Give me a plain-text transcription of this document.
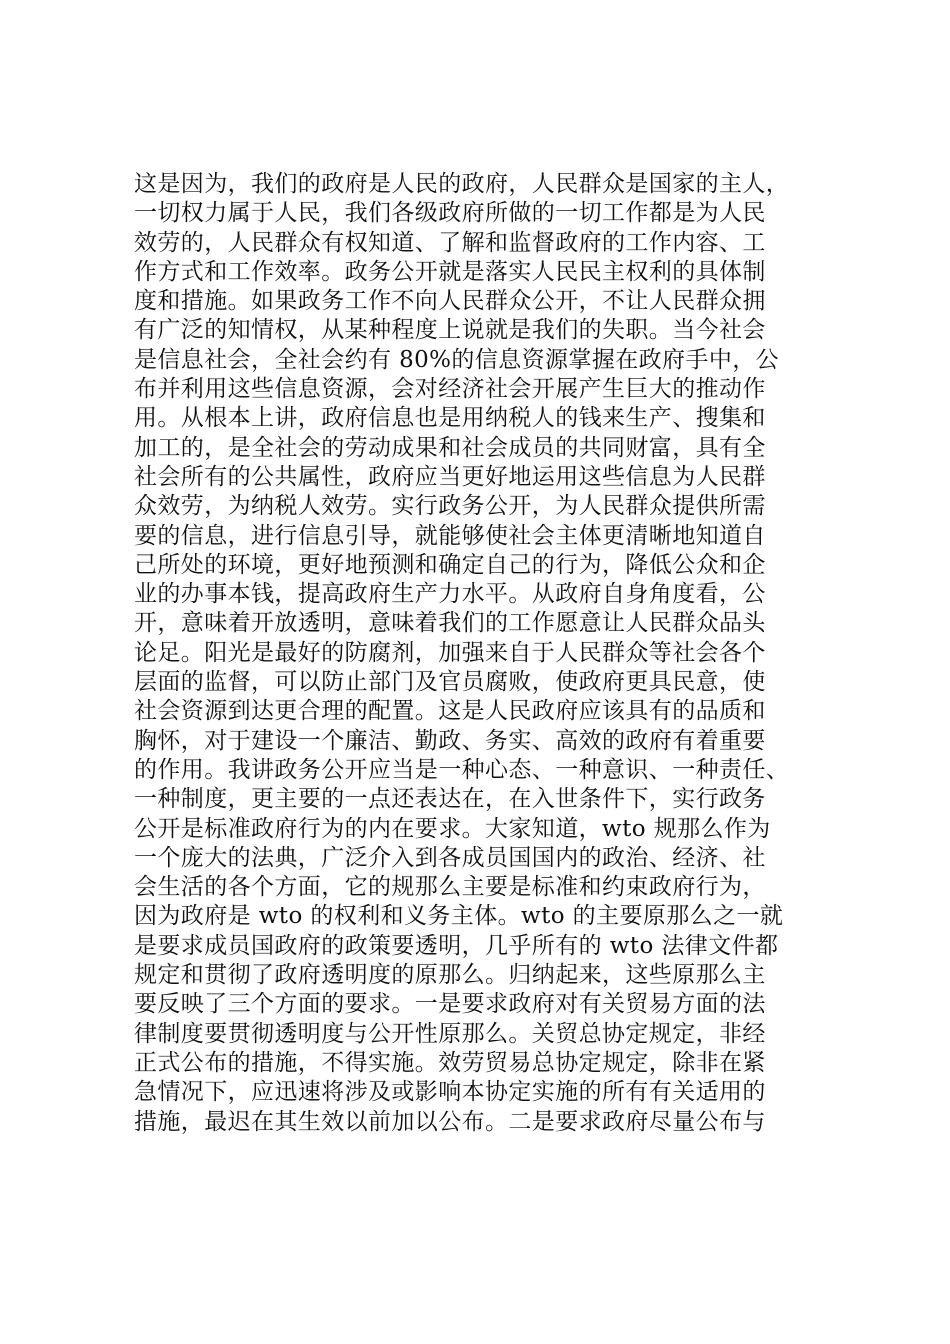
这是因为，我们的政府是人民的政府，人民群众是国家的主人，
一切权力属于人民，我们各级政府所做的一切工作都是为人民
效劳的，人民群众有权知道、了解和监督政府的工作内容、工
作方式和工作效率。政务公开就是落实人民民主权利的具体制
度和措施。如果政务工作不向人民群众公开，不让人民群众拥
有广泛的知情权，从某种程度上说就是我们的失职。当今社会
是信息社会，全社会约有 80%的信息资源掌握在政府手中，公
布并利用这些信息资源，会对经济社会开展产生巨大的推动作
用。从根本上讲，政府信息也是用纳税人的钱来生产、搜集和
加工的，是全社会的劳动成果和社会成员的共同财富，具有全
社会所有的公共属性，政府应当更好地运用这些信息为人民群
众效劳，为纳税人效劳。实行政务公开，为人民群众提供所需
要的信息，进行信息引导，就能够使社会主体更清晰地知道自
己所处的环境，更好地预测和确定自己的行为，降低公众和企
业的办事本钱，提高政府生产力水平。从政府自身角度看，公
开，意味着开放透明，意味着我们的工作愿意让人民群众品头
论足。阳光是最好的防腐剂，加强来自于人民群众等社会各个
层面的监督，可以防止部门及官员腐败，使政府更具民意，使
社会资源到达更合理的配置。这是人民政府应该具有的品质和
胸怀，对于建设一个廉洁、勤政、务实、高效的政府有着重要
的作用。我讲政务公开应当是一种心态、一种意识、一种责任、
一种制度，更主要的一点还表达在，在入世条件下，实行政务
公开是标准政府行为的内在要求。大家知道，wto 规那么作为
一个庞大的法典，广泛介入到各成员国国内的政治、经济、社
会生活的各个方面，它的规那么主要是标准和约束政府行为，
因为政府是 wto 的权利和义务主体。wto 的主要原那么之一就
是要求成员国政府的政策要透明，几乎所有的 wto 法律文件都
规定和贯彻了政府透明度的原那么。归纳起来，这些原那么主
要反映了三个方面的要求。一是要求政府对有关贸易方面的法
律制度要贯彻透明度与公开性原那么。关贸总协定规定，非经
正式公布的措施，不得实施。效劳贸易总协定规定，除非在紧
急情况下，应迅速将涉及或影响本协定实施的所有有关适用的
措施，最迟在其生效以前加以公布。二是要求政府尽量公布与
